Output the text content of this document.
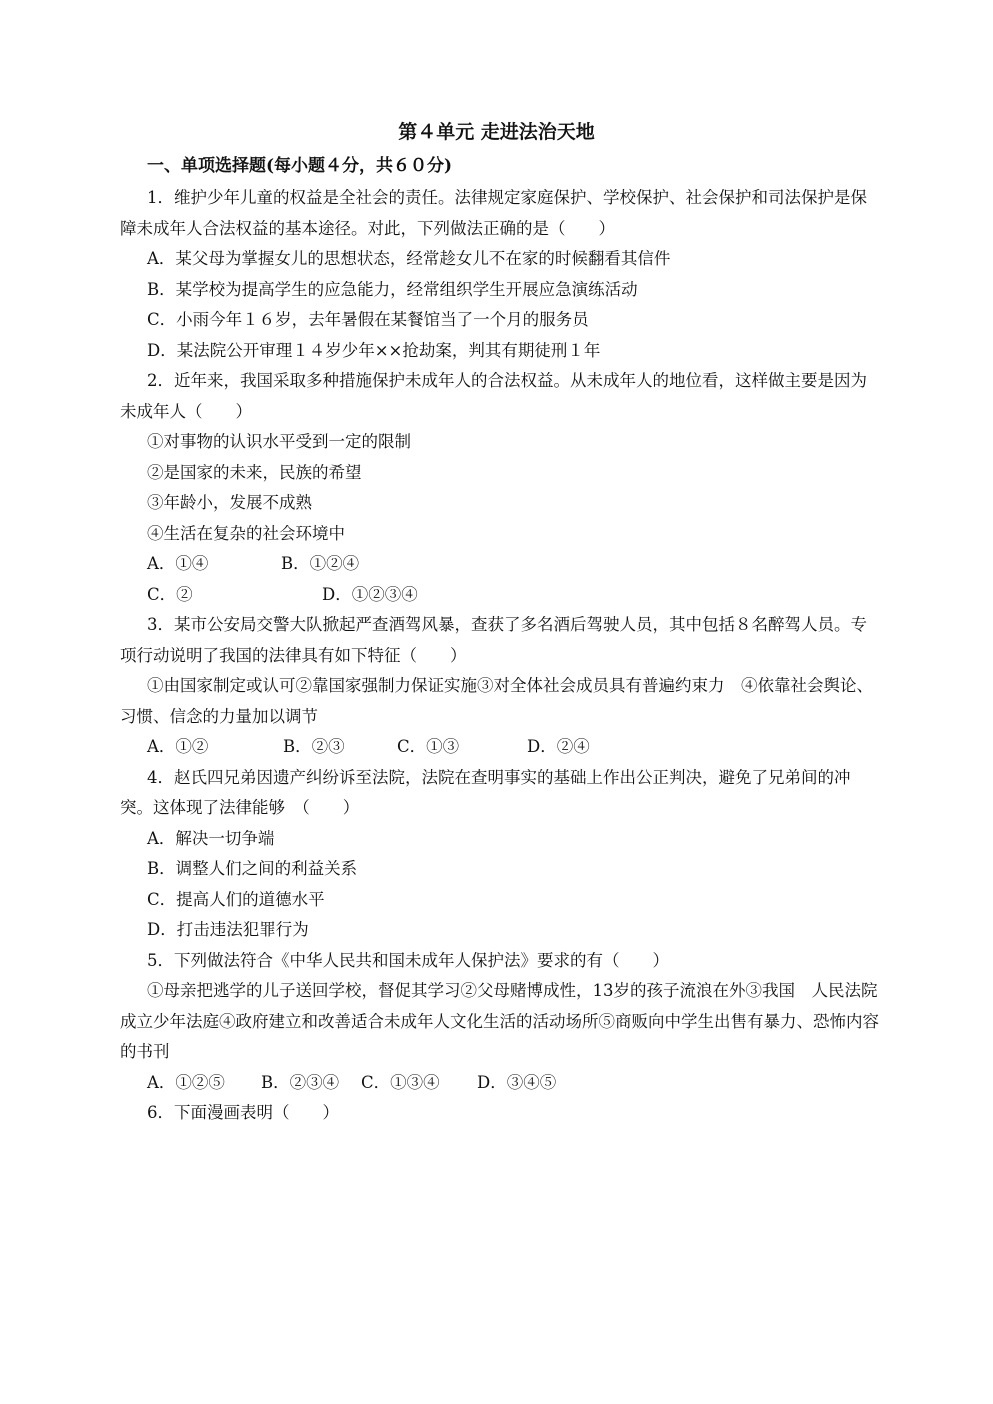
第４单元 走进法治天地
一、单项选择题(每小题４分，共６０分)

1．维护少年儿童的权益是全社会的责任。法律规定家庭保护、学校保护、社会保护和司法保护是保障未成年人合法权益的基本途径。对此，下列做法正确的是（　　）

A．某父母为掌握女儿的思想状态，经常趁女儿不在家的时候翻看其信件

B．某学校为提高学生的应急能力，经常组织学生开展应急演练活动

C．小雨今年１６岁，去年暑假在某餐馆当了一个月的服务员

D．某法院公开审理１４岁少年××抢劫案，判其有期徒刑１年

2．近年来，我国采取多种措施保护未成年人的合法权益。从未成年人的地位看，这样做主要是因为未成年人（　　）

①对事物的认识水平受到一定的限制

②是国家的未来，民族的希望

③年龄小，发展不成熟

④生活在复杂的社会环境中

A．①④	B．①②④
C．②	D．①②③④

3．某市公安局交警大队掀起严查酒驾风暴，查获了多名酒后驾驶人员，其中包括８名醉驾人员。专项行动说明了我国的法律具有如下特征（　　）

①由国家制定或认可②靠国家强制力保证实施③对全体社会成员具有普遍约束力　④依靠社会舆论、习惯、信念的力量加以调节

A．①②	B．②③	C．①③	D．②④

4．赵氏四兄弟因遗产纠纷诉至法院，法院在查明事实的基础上作出公正判决，避免了兄弟间的冲突。这体现了法律能够　（　　）

A．解决一切争端

B．调整人们之间的利益关系

C．提高人们的道德水平

D．打击违法犯罪行为

5．下列做法符合《中华人民共和国未成年人保护法》要求的有（　　）

①母亲把逃学的儿子送回学校，督促其学习②父母赌博成性，13岁的孩子流浪在外③我国　人民法院成立少年法庭④政府建立和改善适合未成年人文化生活的活动场所⑤商贩向中学生出售有暴力、恐怖内容的书刊

A．①②⑤ B．②③④ C．①③④ D．③④⑤

6．下面漫画表明（　　）
